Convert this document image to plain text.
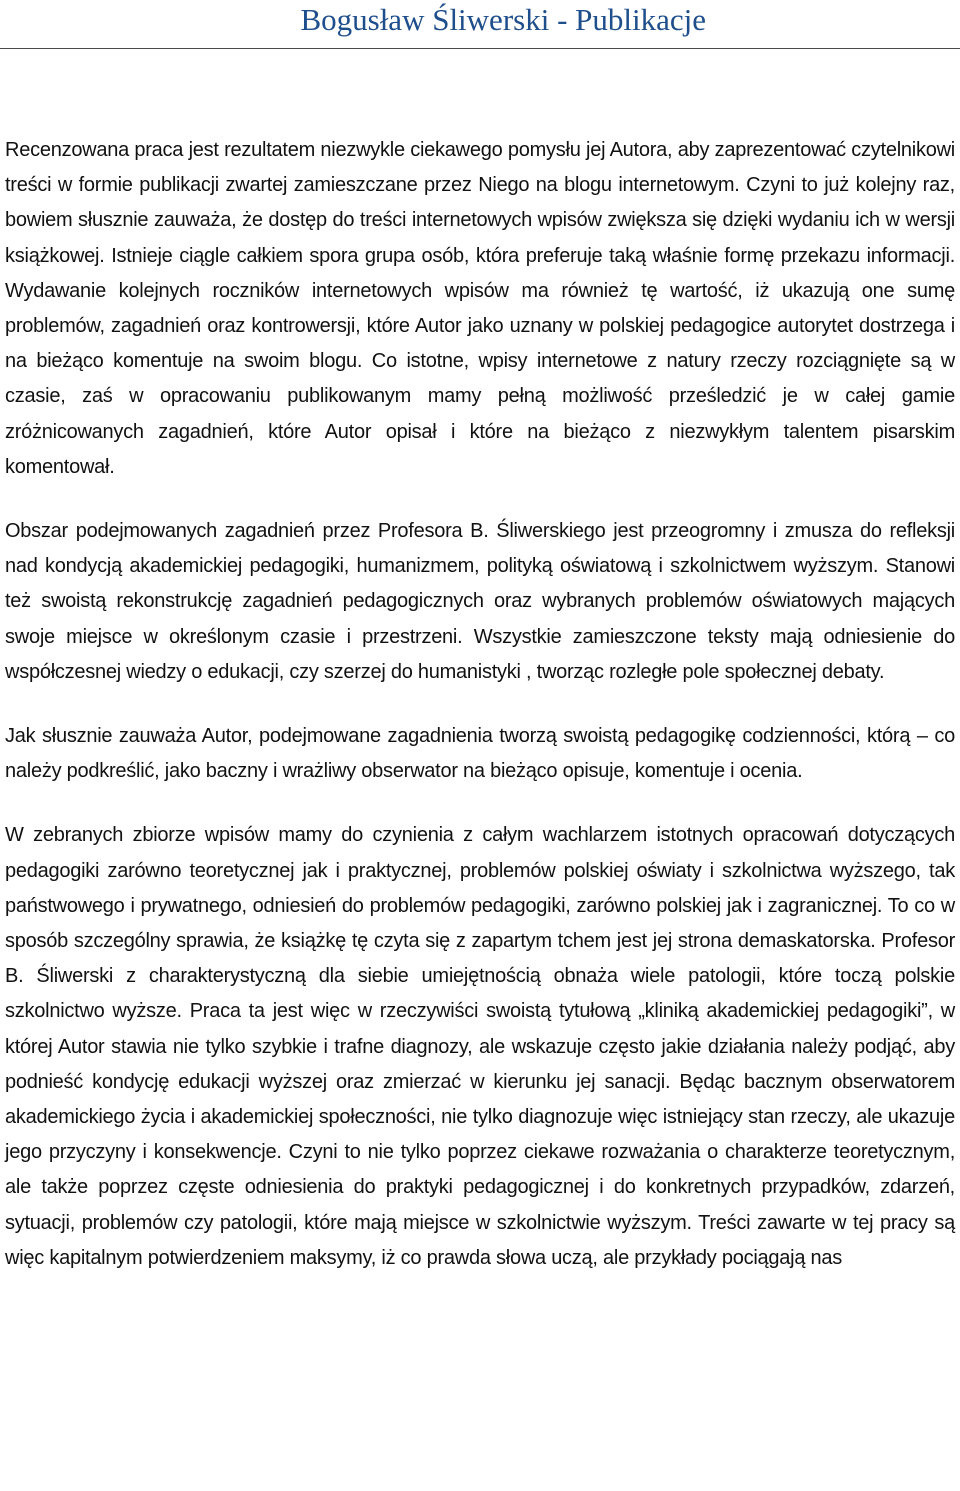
Bogusław Śliwerski - Publikacje

Recenzowana praca jest rezultatem niezwykle ciekawego pomysłu jej Autora, aby zaprezentować czytelnikowi treści w formie publikacji zwartej zamieszczane przez Niego na blogu internetowym. Czyni to już kolejny raz, bowiem słusznie zauważa, że dostęp do treści internetowych wpisów zwiększa się dzięki wydaniu ich w wersji książkowej. Istnieje ciągle całkiem spora grupa osób, która preferuje taką właśnie formę przekazu informacji. Wydawanie kolejnych roczników internetowych wpisów ma również tę wartość, iż ukazują one sumę problemów, zagadnień oraz kontrowersji, które Autor jako uznany w polskiej pedagogice autorytet dostrzega i na bieżąco komentuje na swoim blogu. Co istotne, wpisy internetowe z natury rzeczy rozciągnięte są w czasie, zaś w opracowaniu publikowanym mamy pełną możliwość prześledzić je w całej gamie zróżnicowanych zagadnień, które Autor opisał i które na bieżąco z niezwykłym talentem pisarskim komentował.

Obszar podejmowanych zagadnień przez Profesora B. Śliwerskiego jest przeogromny i zmusza do refleksji nad kondycją akademickiej pedagogiki, humanizmem, polityką oświatową i szkolnictwem wyższym. Stanowi też swoistą rekonstrukcję zagadnień pedagogicznych oraz wybranych problemów oświatowych mających swoje miejsce w określonym czasie i przestrzeni. Wszystkie zamieszczone teksty mają odniesienie do współczesnej wiedzy o edukacji, czy szerzej do humanistyki , tworząc rozległe pole społecznej debaty.

Jak słusznie zauważa Autor, podejmowane zagadnienia tworzą swoistą pedagogikę codzienności, którą – co należy podkreślić, jako baczny i wrażliwy obserwator na bieżąco opisuje, komentuje i ocenia.

W zebranych zbiorze wpisów mamy do czynienia z całym wachlarzem istotnych opracowań dotyczących pedagogiki zarówno teoretycznej jak i praktycznej, problemów polskiej oświaty i szkolnictwa wyższego, tak państwowego i prywatnego, odniesień do problemów pedagogiki, zarówno polskiej jak i zagranicznej. To co w sposób szczególny sprawia, że książkę tę czyta się z zapartym tchem jest jej strona demaskatorska. Profesor B. Śliwerski z charakterystyczną dla siebie umiejętnością obnaża wiele patologii, które toczą polskie szkolnictwo wyższe. Praca ta jest więc w rzeczywiści swoistą tytułową „kliniką akademickiej pedagogiki”, w której Autor stawia nie tylko szybkie i trafne diagnozy, ale wskazuje często jakie działania należy podjąć, aby podnieść kondycję edukacji wyższej oraz zmierzać w kierunku jej sanacji. Będąc bacznym obserwatorem akademickiego życia i akademickiej społeczności, nie tylko diagnozuje więc istniejący stan rzeczy, ale ukazuje jego przyczyny i konsekwencje. Czyni to nie tylko poprzez ciekawe rozważania o charakterze teoretycznym, ale także poprzez częste odniesienia do praktyki pedagogicznej i do konkretnych przypadków, zdarzeń, sytuacji, problemów czy patologii, które mają miejsce w szkolnictwie wyższym. Treści zawarte w tej pracy są więc kapitalnym potwierdzeniem maksymy, iż co prawda słowa uczą, ale przykłady pociągają nas
